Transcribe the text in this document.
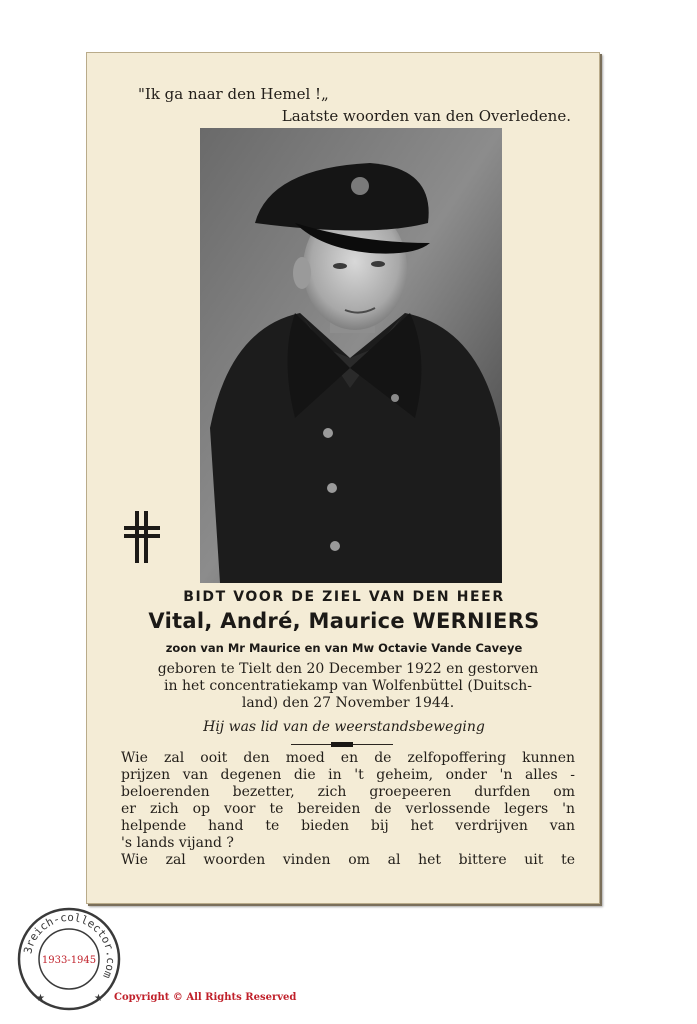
"Ik ga naar den Hemel !„
Laatste woorden van den Overledene.
BIDT VOOR DE ZIEL VAN DEN HEER
Vital, André, Maurice WERNIERS
zoon van Mr Maurice en van Mw Octavie Vande Caveye
geboren te Tielt den 20 December 1922 en gestorven
in het concentratiekamp van Wolfenbüttel (Duitsch-
land) den 27 November 1944.
Hij was lid van de weerstandsbeweging
Wie zal ooit den moed en de zelfopoffering kunnen
prijzen van degenen die in 't geheim, onder 'n alles -
beloerenden bezetter, zich groepeeren durfden om
er zich op voor te bereiden de verlossende legers 'n
helpende hand te bieden bij het verdrijven van
's lands vijand ?
Wie zal woorden vinden om al het bittere uit te
3reich-collector.com
1933-1945
★	★ Copyright © All Rights Reserved
